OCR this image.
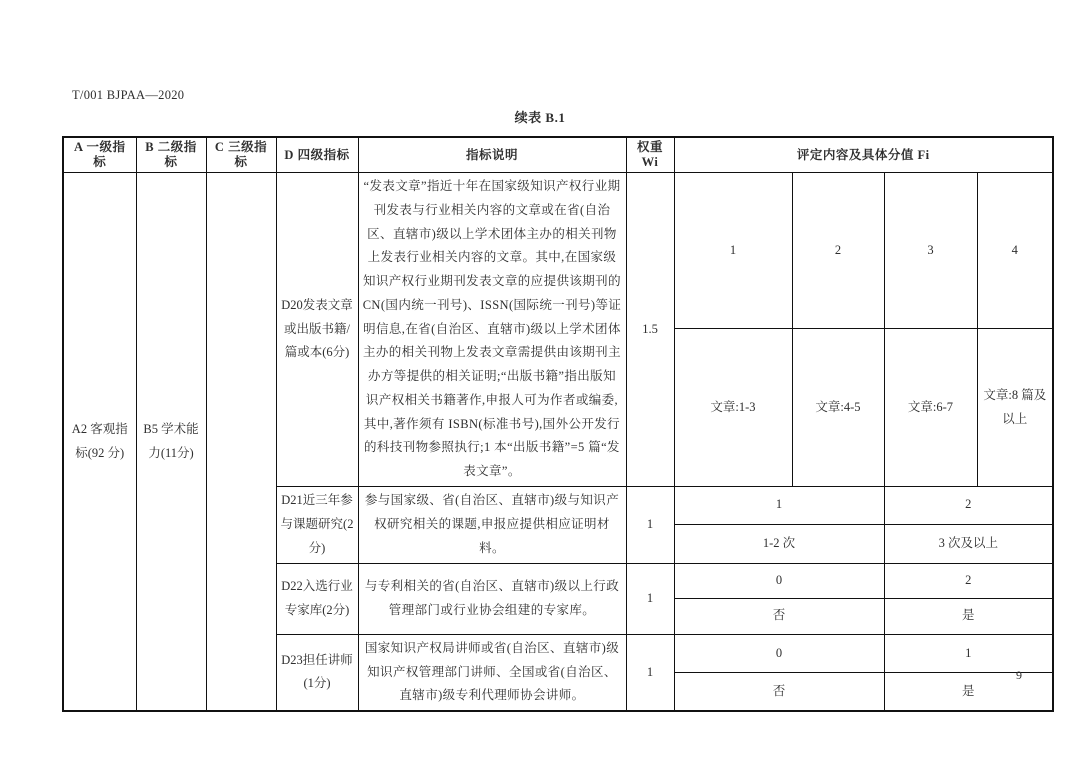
T/001 BJPAA—2020
续表 B.1
A 一级指标	B 二级指标	C 三级指标	D 四级指标	指标说明	权重 Wi	评定内容及具体分值 Fi			
A2 客观指标(92 分)	B5 学术能力(11分)		D20发表文章或出版书籍/篇或本(6分)	“发表文章”指近十年在国家级知识产权行业期刊发表与行业相关内容的文章或在省(自治区、直辖市)级以上学术团体主办的相关刊物上发表行业相关内容的文章。其中,在国家级知识产权行业期刊发表文章的应提供该期刊的 CN(国内统一刊号)、ISSN(国际统一刊号)等证明信息,在省(自治区、直辖市)级以上学术团体主办的相关刊物上发表文章需提供由该期刊主办方等提供的相关证明;“出版书籍”指出版知识产权相关书籍著作,申报人可为作者或编委,其中,著作须有 ISBN(标准书号),国外公开发行的科技刊物参照执行;1 本“出版书籍”=5 篇“发表文章”。	1.5	1	2	3	4
						文章:1-3	文章:4-5	文章:6-7	文章:8 篇及以上
			D21近三年参与课题研究(2分)	参与国家级、省(自治区、直辖市)级与知识产权研究相关的课题,申报应提供相应证明材料。	1	1		2	
						1-2 次		3 次及以上	
			D22入选行业专家库(2分)	与专利相关的省(自治区、直辖市)级以上行政管理部门或行业协会组建的专家库。	1	0		2	
						否		是	
			D23担任讲师(1分)	国家知识产权局讲师或省(自治区、直辖市)级知识产权管理部门讲师、全国或省(自治区、直辖市)级专利代理师协会讲师。	1	0		1	
						否		是	
9
